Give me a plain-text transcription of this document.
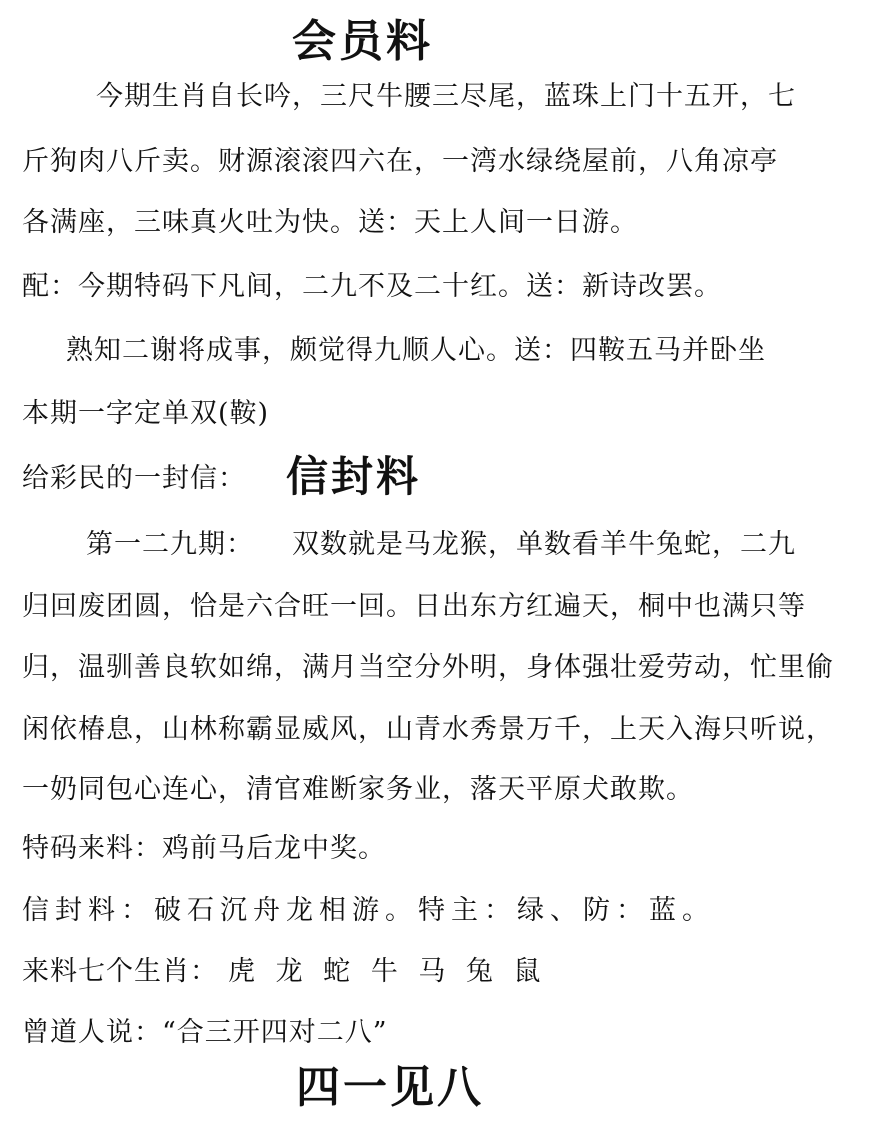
会员料
今期生肖自长吟，三尺牛腰三尽尾，蓝珠上门十五开，七
斤狗肉八斤卖。财源滚滚四六在，一湾水绿绕屋前，八角凉亭
各满座，三味真火吐为快。送：天上人间一日游。
配：今期特码下凡间，二九不及二十红。送：新诗改罢。
熟知二谢将成事，颇觉得九顺人心。送：四鞍五马并卧坐
本期一字定单双(鞍)
给彩民的一封信： 信封料
第一二九期： 双数就是马龙猴，单数看羊牛兔蛇，二九
归回废团圆，恰是六合旺一回。日出东方红遍天，桐中也满只等
归，温驯善良软如绵，满月当空分外明，身体强壮爱劳动，忙里偷
闲依椿息，山林称霸显威风，山青水秀景万千，上天入海只听说，
一奶同包心连心，清官难断家务业，落天平原犬敢欺。
特码来料：鸡前马后龙中奖。
信封料：破石沉舟龙相游。特主：绿、防：蓝。
来料七个生肖： 虎 龙 蛇 牛 马 兔 鼠
曾道人说：“合三开四对二八”
四一见八
